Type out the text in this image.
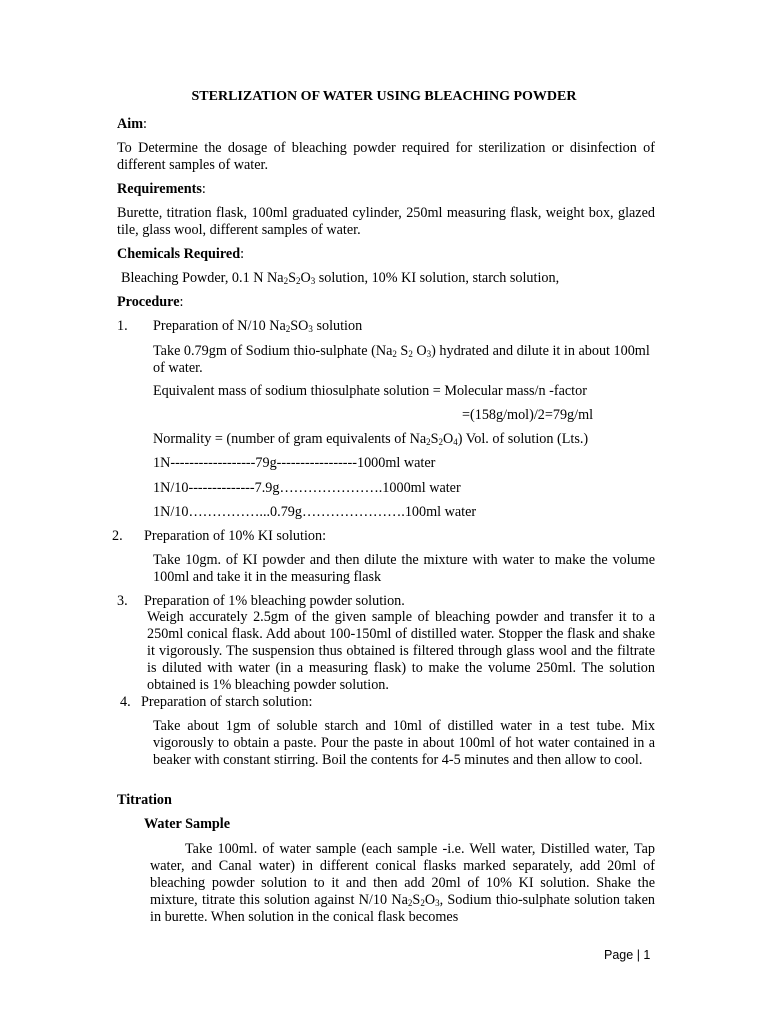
STERLIZATION OF WATER USING BLEACHING POWDER
Aim:
To Determine the dosage of bleaching powder required for sterilization or disinfection of different samples of water.
Requirements:
Burette, titration flask, 100ml graduated cylinder, 250ml measuring flask, weight box, glazed tile, glass wool, different samples of water.
Chemicals Required:
Bleaching Powder, 0.1 N $Na_2S_2O_3$ solution, 10% KI solution, starch solution,
Procedure:
1. Preparation of N/10 $Na_2SO_3$ solution
Take 0.79gm of Sodium thio-sulphate ($Na_2$ $S_2$ $O_3$) hydrated and dilute it in about 100ml of water.
Equivalent mass of sodium thiosulphate solution = Molecular mass/n -factor
=(158g/mol)/2=79g/ml
Normality = (number of gram equivalents of $Na_2S_2O_4$) Vol. of solution (Lts.)
1N------------------79g-----------------1000ml water
1N/10--------------7.9g………………….1000ml water
1N/10……………...0.79g………………….100ml water
2. Preparation of 10% KI solution:
Take 10gm. of KI powder and then dilute the mixture with water to make the volume 100ml and take it in the measuring flask
3. Preparation of 1% bleaching powder solution.
Weigh accurately 2.5gm of the given sample of bleaching powder and transfer it to a 250ml conical flask. Add about 100-150ml of distilled water. Stopper the flask and shake it vigorously. The suspension thus obtained is filtered through glass wool and the filtrate is diluted with water (in a measuring flask) to make the volume 250ml. The solution obtained is 1% bleaching powder solution.
4. Preparation of starch solution:
Take about 1gm of soluble starch and 10ml of distilled water in a test tube. Mix vigorously to obtain a paste. Pour the paste in about 100ml of hot water contained in a beaker with constant stirring. Boil the contents for 4-5 minutes and then allow to cool.
Titration
Water Sample
Take 100ml. of water sample (each sample -i.e. Well water, Distilled water, Tap water, and Canal water) in different conical flasks marked separately, add 20ml of bleaching powder solution to it and then add 20ml of 10% KI solution. Shake the mixture, titrate this solution against N/10 $Na_2S_2O_3$, Sodium thio-sulphate solution taken in burette. When solution in the conical flask becomes
Page | 1
